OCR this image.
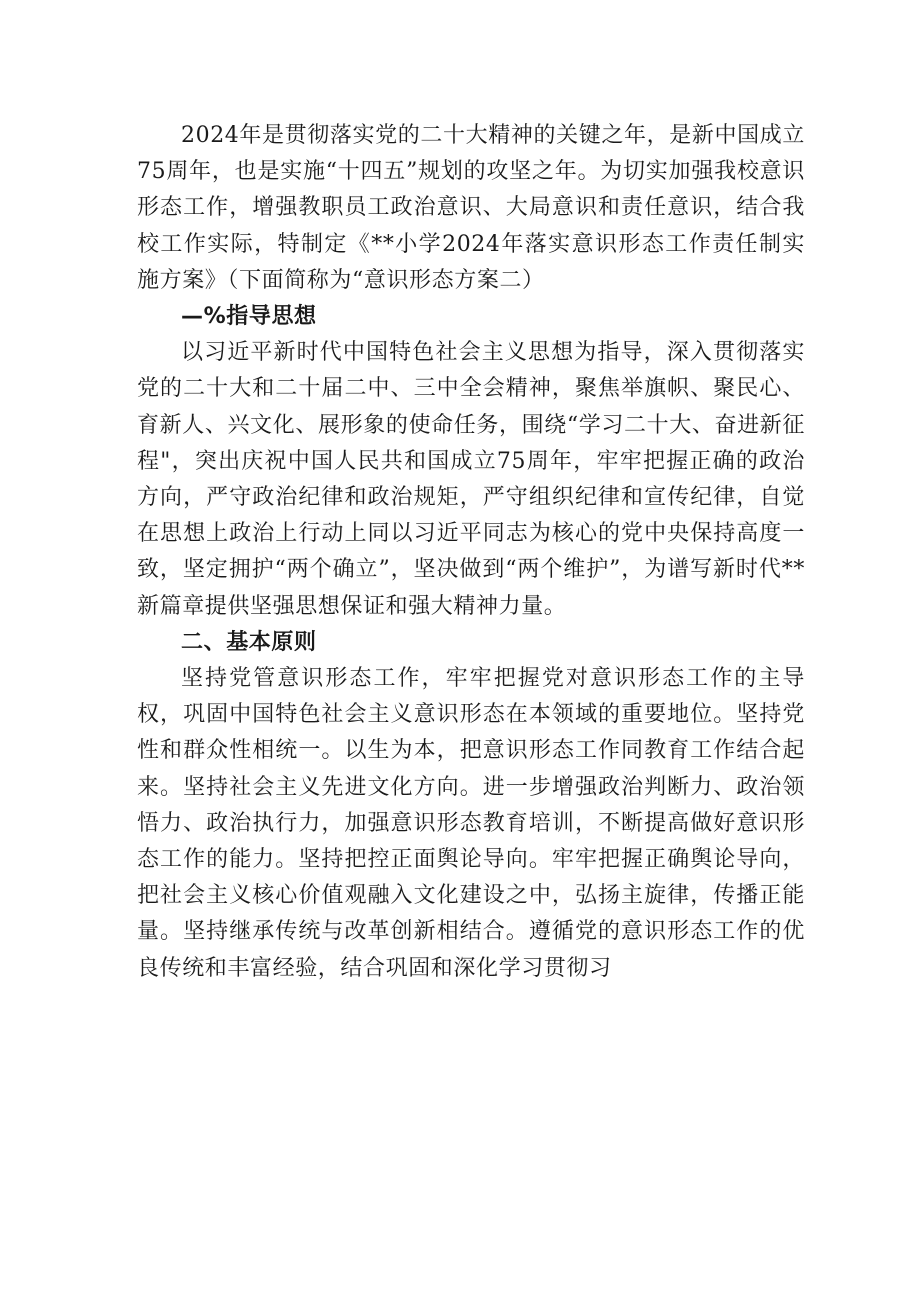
2024年是贯彻落实党的二十大精神的关键之年，是新中国成立75周年，也是实施“十四五”规划的攻坚之年。为切实加强我校意识形态工作，增强教职员工政治意识、大局意识和责任意识，结合我校工作实际，特制定《**小学2024年落实意识形态工作责任制实施方案》（下面简称为“意识形态方案二）

—%指导思想

以习近平新时代中国特色社会主义思想为指导，深入贯彻落实党的二十大和二十届二中、三中全会精神，聚焦举旗帜、聚民心、育新人、兴文化、展形象的使命任务，围绕“学习二十大、奋进新征程"，突出庆祝中国人民共和国成立75周年，牢牢把握正确的政治方向，严守政治纪律和政治规矩，严守组织纪律和宣传纪律，自觉在思想上政治上行动上同以习近平同志为核心的党中央保持高度一致，坚定拥护“两个确立”，坚决做到“两个维护”，为谱写新时代**新篇章提供坚强思想保证和强大精神力量。

二、基本原则

坚持党管意识形态工作，牢牢把握党对意识形态工作的主导权，巩固中国特色社会主义意识形态在本领域的重要地位。坚持党性和群众性相统一。以生为本，把意识形态工作同教育工作结合起来。坚持社会主义先进文化方向。进一步增强政治判断力、政治领悟力、政治执行力，加强意识形态教育培训，不断提高做好意识形态工作的能力。坚持把控正面舆论导向。牢牢把握正确舆论导向，把社会主义核心价值观融入文化建设之中，弘扬主旋律，传播正能量。坚持继承传统与改革创新相结合。遵循党的意识形态工作的优良传统和丰富经验，结合巩固和深化学习贯彻习
